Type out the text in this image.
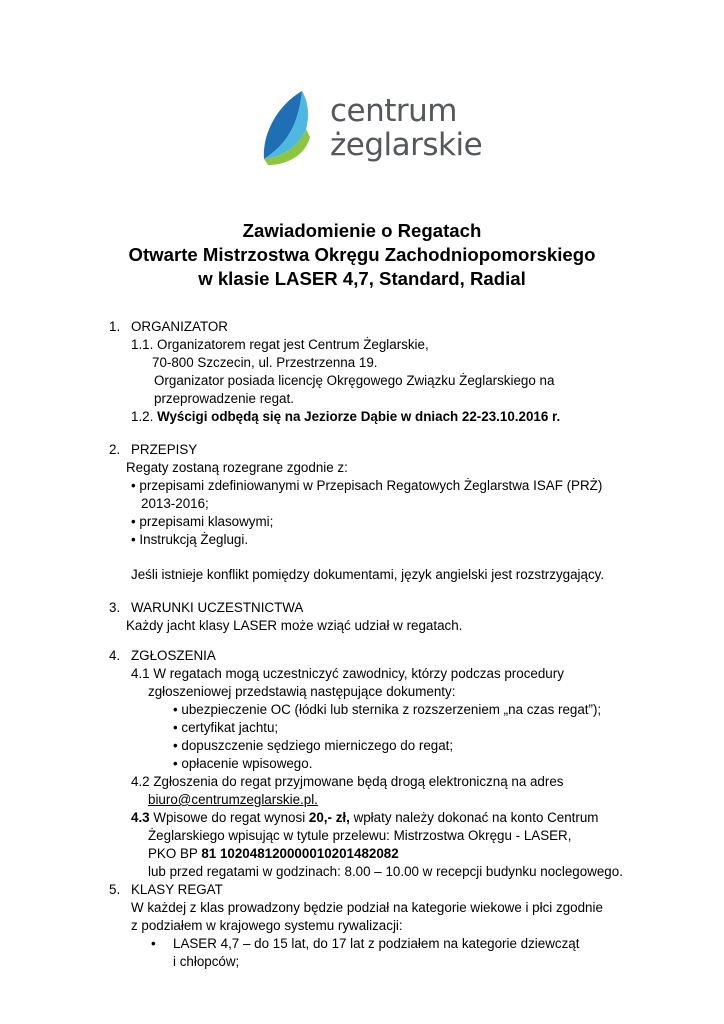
centrum
żeglarskie
Zawiadomienie o Regatach
Otwarte Mistrzostwa Okręgu Zachodniopomorskiego
w klasie LASER 4,7, Standard, Radial
1. ORGANIZATOR
1.1. Organizatorem regat jest Centrum Żeglarskie,
70-800 Szczecin, ul. Przestrzenna 19.
Organizator posiada licencję Okręgowego Związku Żeglarskiego na
przeprowadzenie regat.
1.2. Wyścigi odbędą się na Jeziorze Dąbie w dniach 22-23.10.2016 r.
2. PRZEPISY
Regaty zostaną rozegrane zgodnie z:
• przepisami zdefiniowanymi w Przepisach Regatowych Żeglarstwa ISAF (PRŻ)
2013-2016;
• przepisami klasowymi;
• Instrukcją Żeglugi.
Jeśli istnieje konflikt pomiędzy dokumentami, język angielski jest rozstrzygający.
3. WARUNKI UCZESTNICTWA
Każdy jacht klasy LASER może wziąć udział w regatach.
4. ZGŁOSZENIA
4.1 W regatach mogą uczestniczyć zawodnicy, którzy podczas procedury
zgłoszeniowej przedstawią następujące dokumenty:
• ubezpieczenie OC (łódki lub sternika z rozszerzeniem „na czas regat”);
• certyfikat jachtu;
• dopuszczenie sędziego mierniczego do regat;
• opłacenie wpisowego.
4.2 Zgłoszenia do regat przyjmowane będą drogą elektroniczną na adres
biuro@centrumzeglarskie.pl.
4.3 Wpisowe do regat wynosi 20,- zł, wpłaty należy dokonać na konto Centrum
Żeglarskiego wpisując w tytule przelewu: Mistrzostwa Okręgu - LASER,
PKO BP 81 1020481200000102014820​82
lub przed regatami w godzinach: 8.00 – 10.00 w recepcji budynku noclegowego.
5. KLASY REGAT
W każdej z klas prowadzony będzie podział na kategorie wiekowe i płci zgodnie
z podziałem w krajowego systemu rywalizacji:
• LASER 4,7 – do 15 lat, do 17 lat z podziałem na kategorie dziewcząt
i chłopców;
